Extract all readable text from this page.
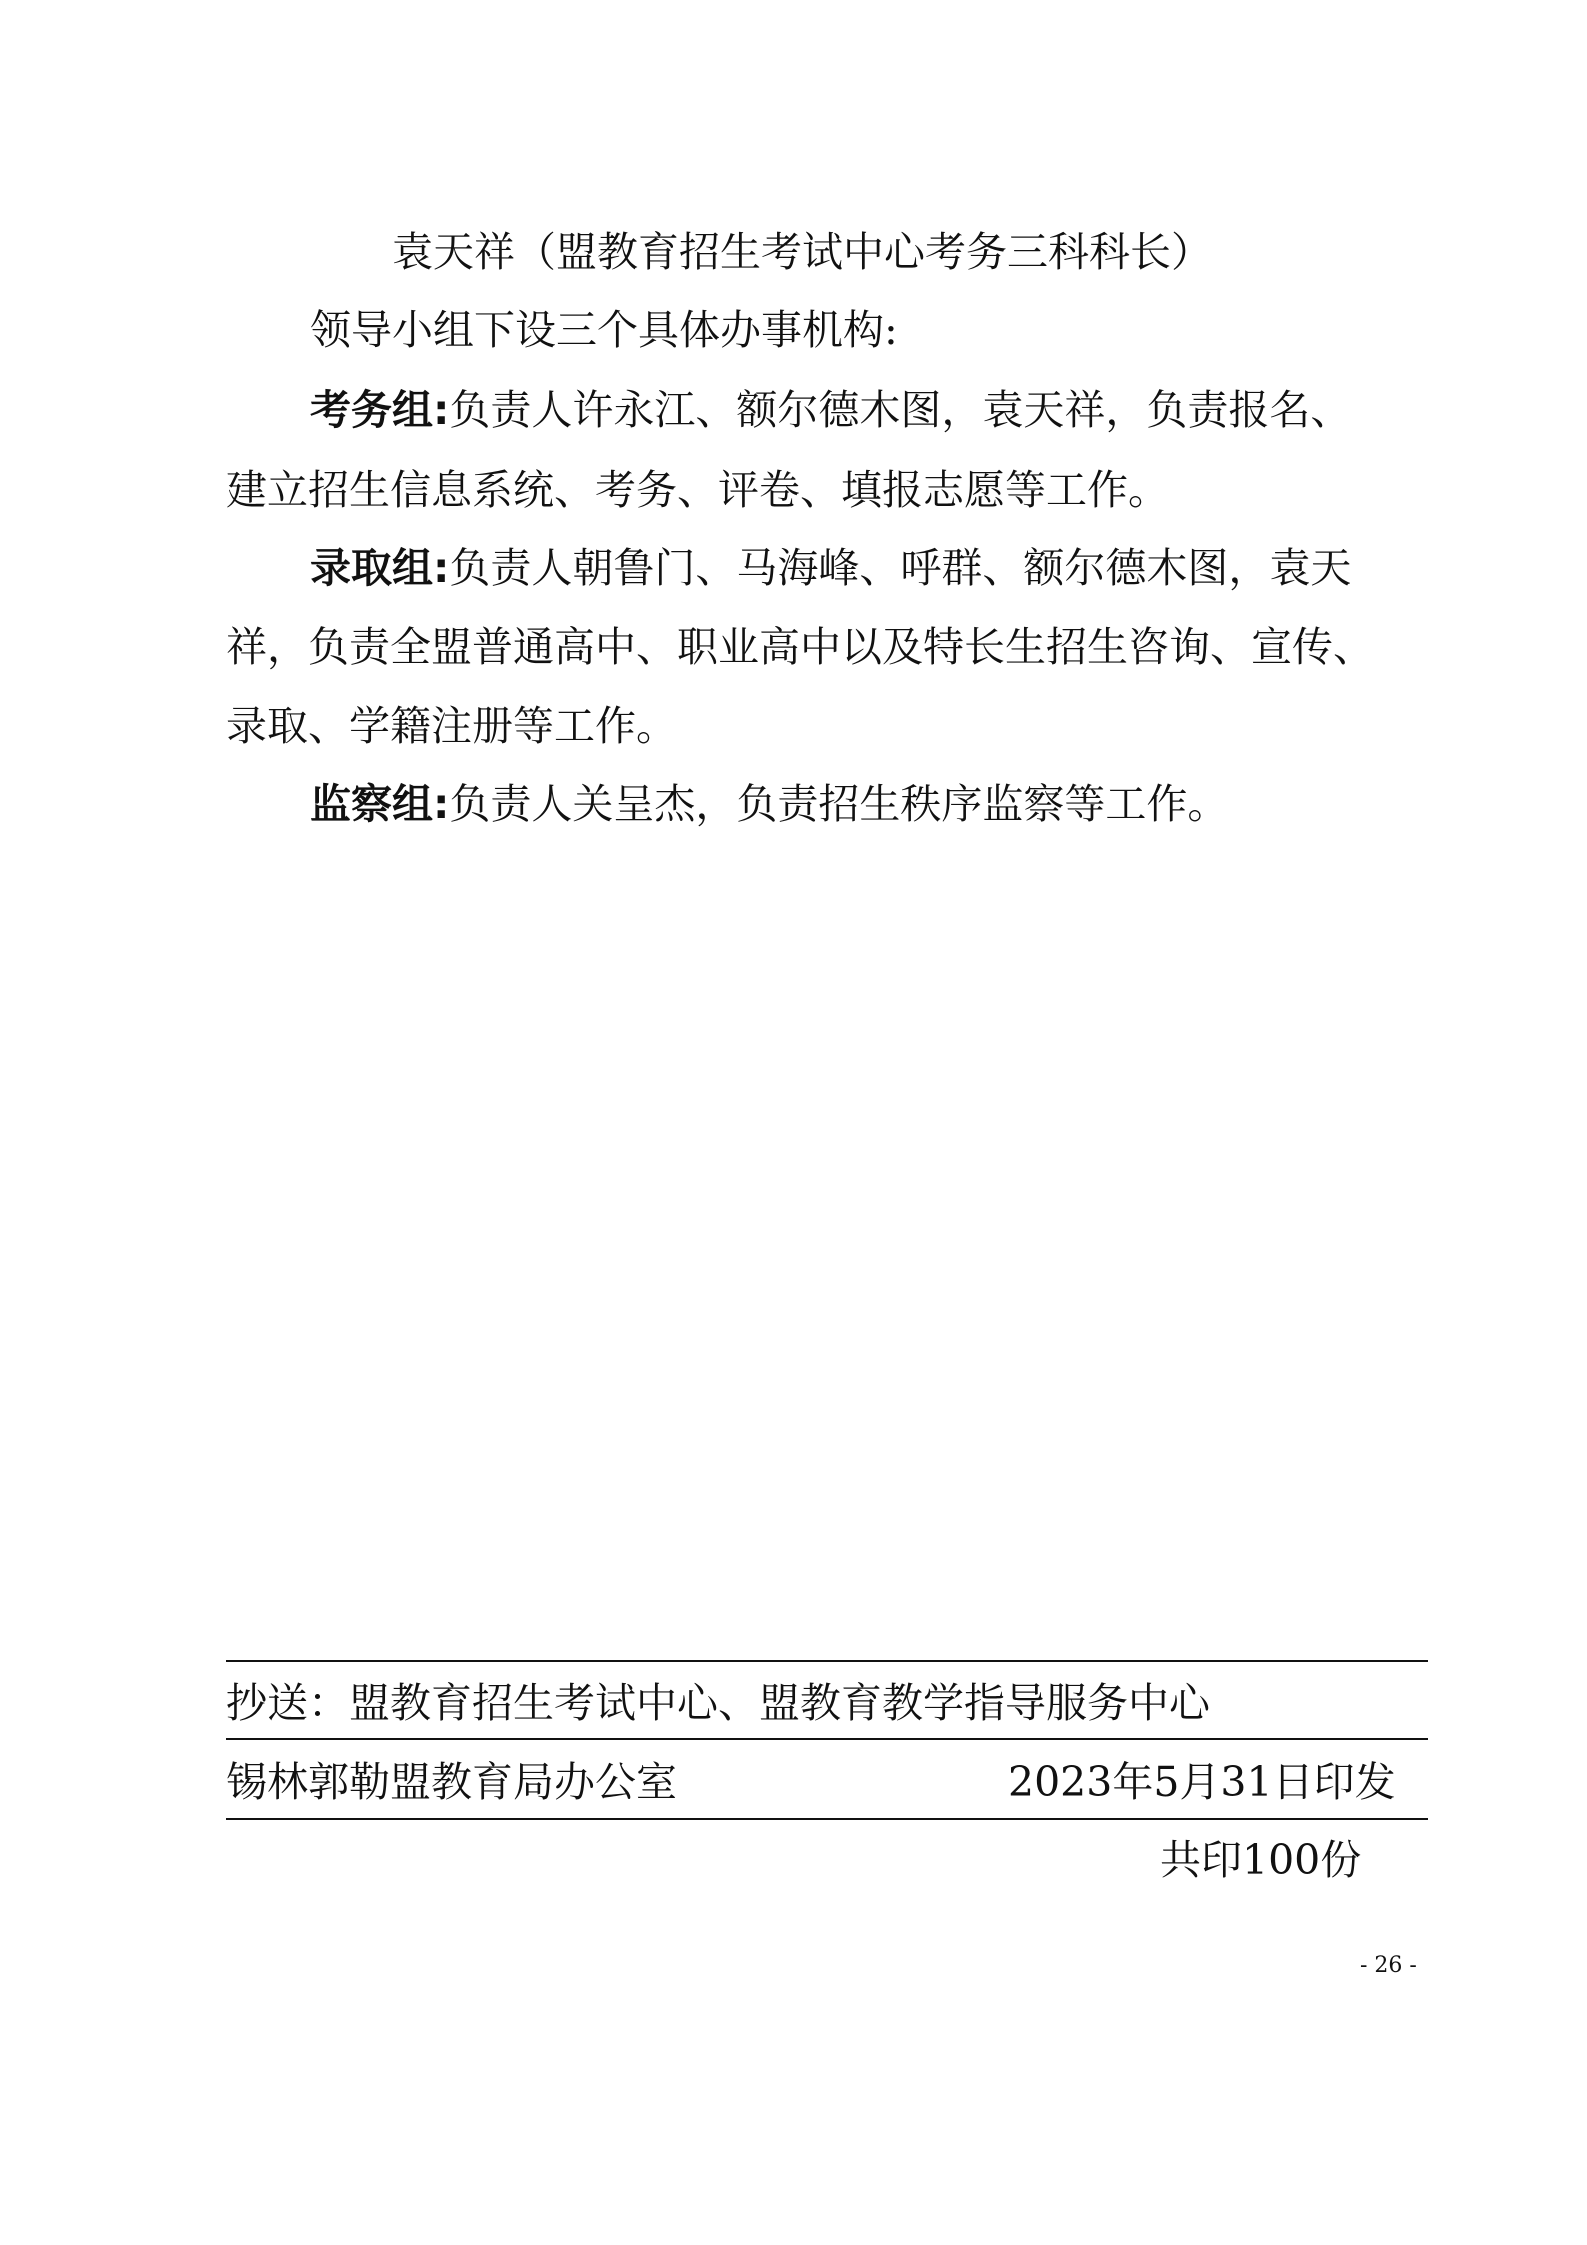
袁天祥（盟教育招生考试中心考务三科科长）
领导小组下设三个具体办事机构:
考务组:负责人许永江、额尔德木图，袁天祥，负责报名、
建立招生信息系统、考务、评卷、填报志愿等工作。
录取组:负责人朝鲁门、马海峰、呼群、额尔德木图，袁天
祥，负责全盟普通高中、职业高中以及特长生招生咨询、宣传、
录取、学籍注册等工作。
监察组:负责人关呈杰，负责招生秩序监察等工作。
抄送：盟教育招生考试中心、盟教育教学指导服务中心
锡林郭勒盟教育局办公室	2023年5月31日印发
共印100份
- 26 -
